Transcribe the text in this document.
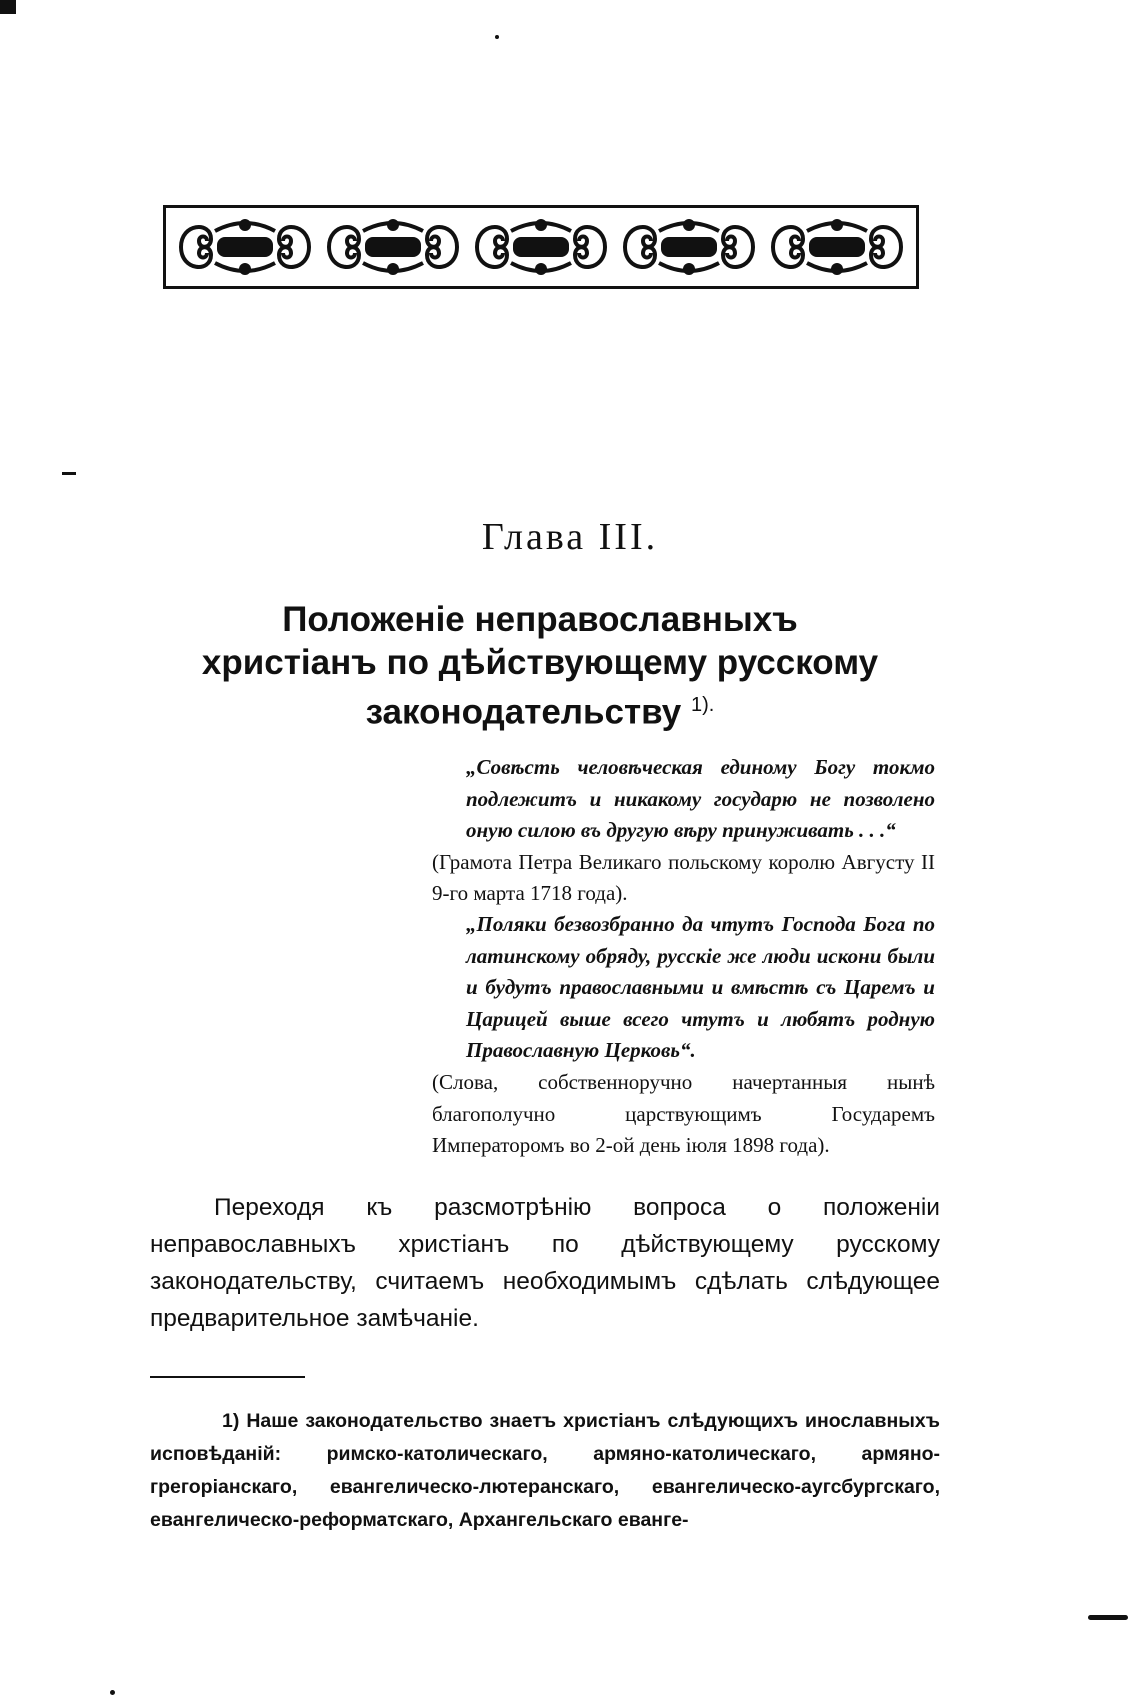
Глава III.
Положеніе неправославныхъ
христіанъ по дѣйствующему русскому
законодательству $^{1).}$
„Совѣсть человѣческая единому Богу токмо подлежитъ и никакому государю не позволено оную силою въ другую вѣру принуживать . . .“
(Грамота Петра Великаго польскому королю Августу II 9-го марта 1718 года).
„Поляки безвозбранно да чтутъ Господа Бога по латинскому обряду, русскіе же люди искони были и будутъ православными и вмѣстѣ съ Царемъ и Царицей выше всего чтутъ и любятъ родную Православную Церковь“.
(Слова, собственноручно начертанныя нынѣ благополучно царствующимъ Государемъ Императоромъ во 2-ой день іюля 1898 года).
Переходя къ разсмотрѣнію вопроса о положеніи неправославныхъ христіанъ по дѣйствующему русскому законодательству, считаемъ необходимымъ сдѣлать слѣдующее предварительное замѣчаніе.
1) Наше законодательство знаетъ христіанъ слѣдующихъ инославныхъ исповѣданій: римско-католическаго, армяно-католическаго, армяно-грегоріанскаго, евангелическо-лютеранскаго, евангелическо-аугсбургскаго, евангелическо-реформатскаго, Архангельскаго еванге-
